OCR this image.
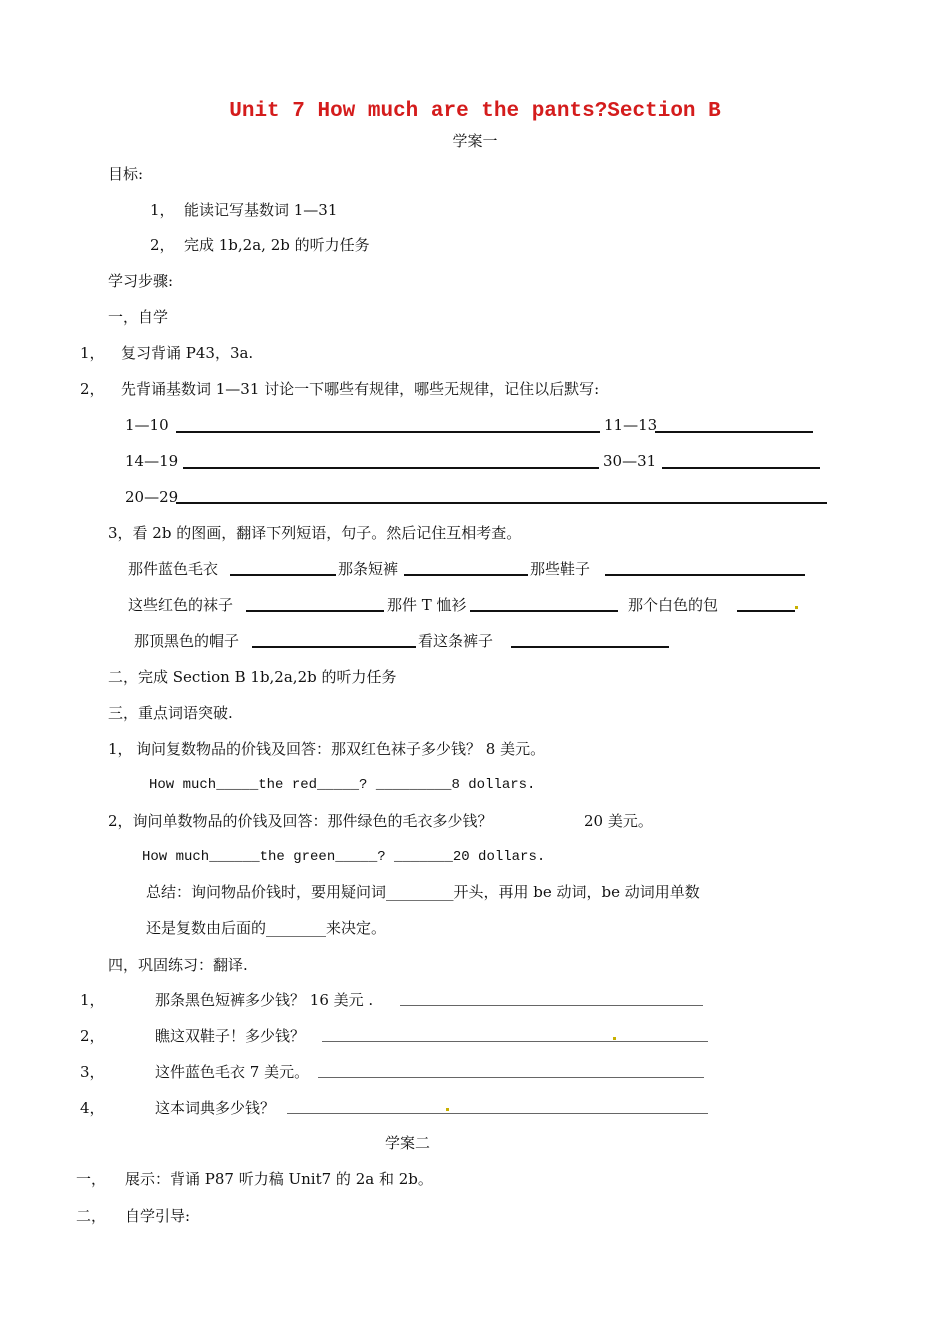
Unit 7 How much are the pants?Section B
学案一
目标:
1， 能读记写基数词 1—31
2， 完成 1b,2a, 2b 的听力任务
学习步骤:
一，自学
1， 复习背诵 P43，3a.
2， 先背诵基数词 1—31 讨论一下哪些有规律，哪些无规律，记住以后默写:
1—10	11—13
14—19	30—31
20—29
3，看 2b 的图画，翻译下列短语，句子。然后记住互相考查。
那件蓝色毛衣	那条短裤	那些鞋子
这些红色的袜子	那件 T 恤衫	那个白色的包
那顶黑色的帽子	看这条裤子
二，完成 Section B 1b,2a,2b 的听力任务
三，重点词语突破.
1， 询问复数物品的价钱及回答：那双红色袜子多少钱？ 8 美元。
How much_____the red_____? _________8 dollars.
2，询问单数物品的价钱及回答：那件绿色的毛衣多少钱？	20 美元。
How much______the green_____? _______20 dollars.
总结：询问物品价钱时，要用疑问词_________开头，再用 be 动词，be 动词用单数
还是复数由后面的________来决定。
四，巩固练习：翻译.
1，	那条黑色短裤多少钱？ 16 美元 .
2，	瞧这双鞋子！多少钱？
3，	这件蓝色毛衣 7 美元。
4，	这本词典多少钱？
学案二
一， 展示：背诵 P87 听力稿 Unit7 的 2a 和 2b。
二， 自学引导:
